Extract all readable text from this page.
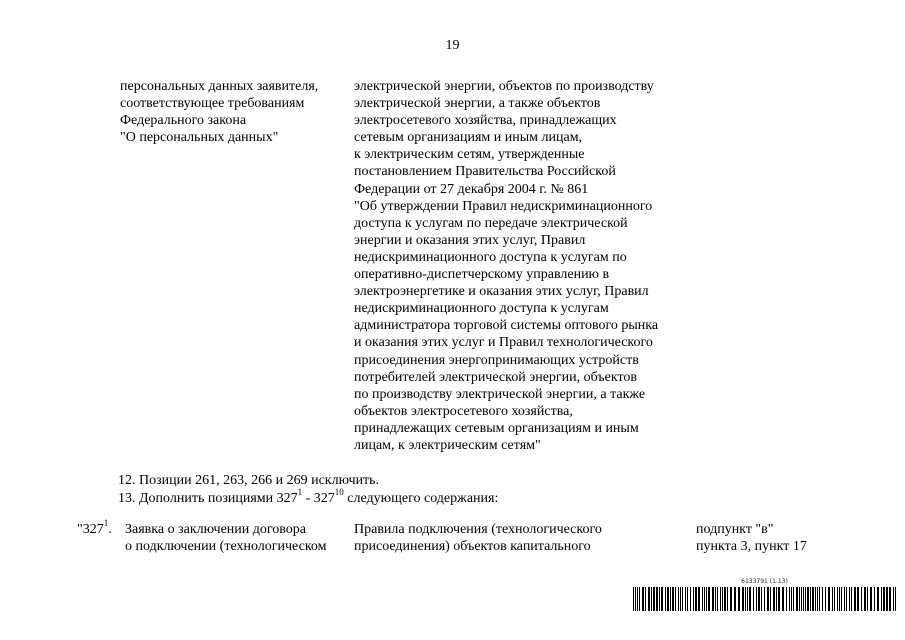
19
персональных данных заявителя,
соответствующее требованиям
Федерального закона
"О персональных данных"
электрической энергии, объектов по производству
электрической энергии, а также объектов
электросетевого хозяйства, принадлежащих
сетевым организациям и иным лицам,
к электрическим сетям, утвержденные
постановлением Правительства Российской
Федерации от 27 декабря 2004 г. № 861
"Об утверждении Правил недискриминационного
доступа к услугам по передаче электрической
энергии и оказания этих услуг, Правил
недискриминационного доступа к услугам по
оперативно-диспетчерскому управлению в
электроэнергетике и оказания этих услуг, Правил
недискриминационного доступа к услугам
администратора торговой системы оптового рынка
и оказания этих услуг и Правил технологического
присоединения энергопринимающих устройств
потребителей электрической энергии, объектов
по производству электрической энергии, а также
объектов электросетевого хозяйства,
принадлежащих сетевым организациям и иным
лицам, к электрическим сетям"
12. Позиции 261, 263, 266 и 269 исключить.
13. Дополнить позициями $327^1 - 327^{10}$ следующего содержания:
"$327^1$. Заявка о заключении договора
о подключении (технологическом
Правила подключения (технологического
присоединения) объектов капитального
подпункт "в"
пункта 3, пункт 17
6133791 (1.13)
